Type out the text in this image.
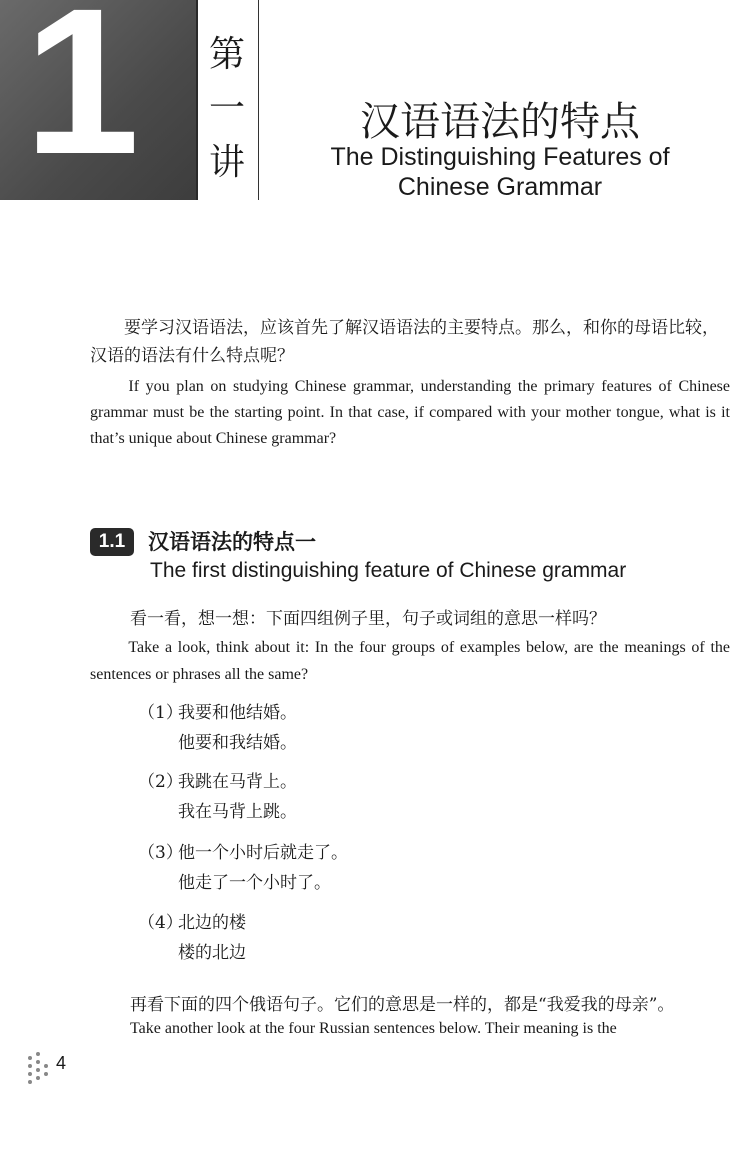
1 第
一
讲
汉语语法的特点
The Distinguishing Features of
Chinese Grammar
要学习汉语语法，应该首先了解汉语语法的主要特点。那么，和你的母语比较，汉语的语法有什么特点呢？
If you plan on studying Chinese grammar, understanding the primary features of Chinese grammar must be the starting point. In that case, if compared with your mother tongue, what is it that’s unique about Chinese grammar?
1.1	汉语语法的特点一
The first distinguishing feature of Chinese grammar
看一看，想一想：下面四组例子里，句子或词组的意思一样吗？
Take a look, think about it: In the four groups of examples below, are the meanings of the sentences or phrases all the same?
（1）我要和他结婚。
他要和我结婚。
（2）我跳在马背上。
我在马背上跳。
（3）他一个小时后就走了。
他走了一个小时了。
（4）北边的楼
楼的北边
再看下面的四个俄语句子。它们的意思是一样的，都是“我爱我的母亲”。
Take another look at the four Russian sentences below. Their meaning is the
4
